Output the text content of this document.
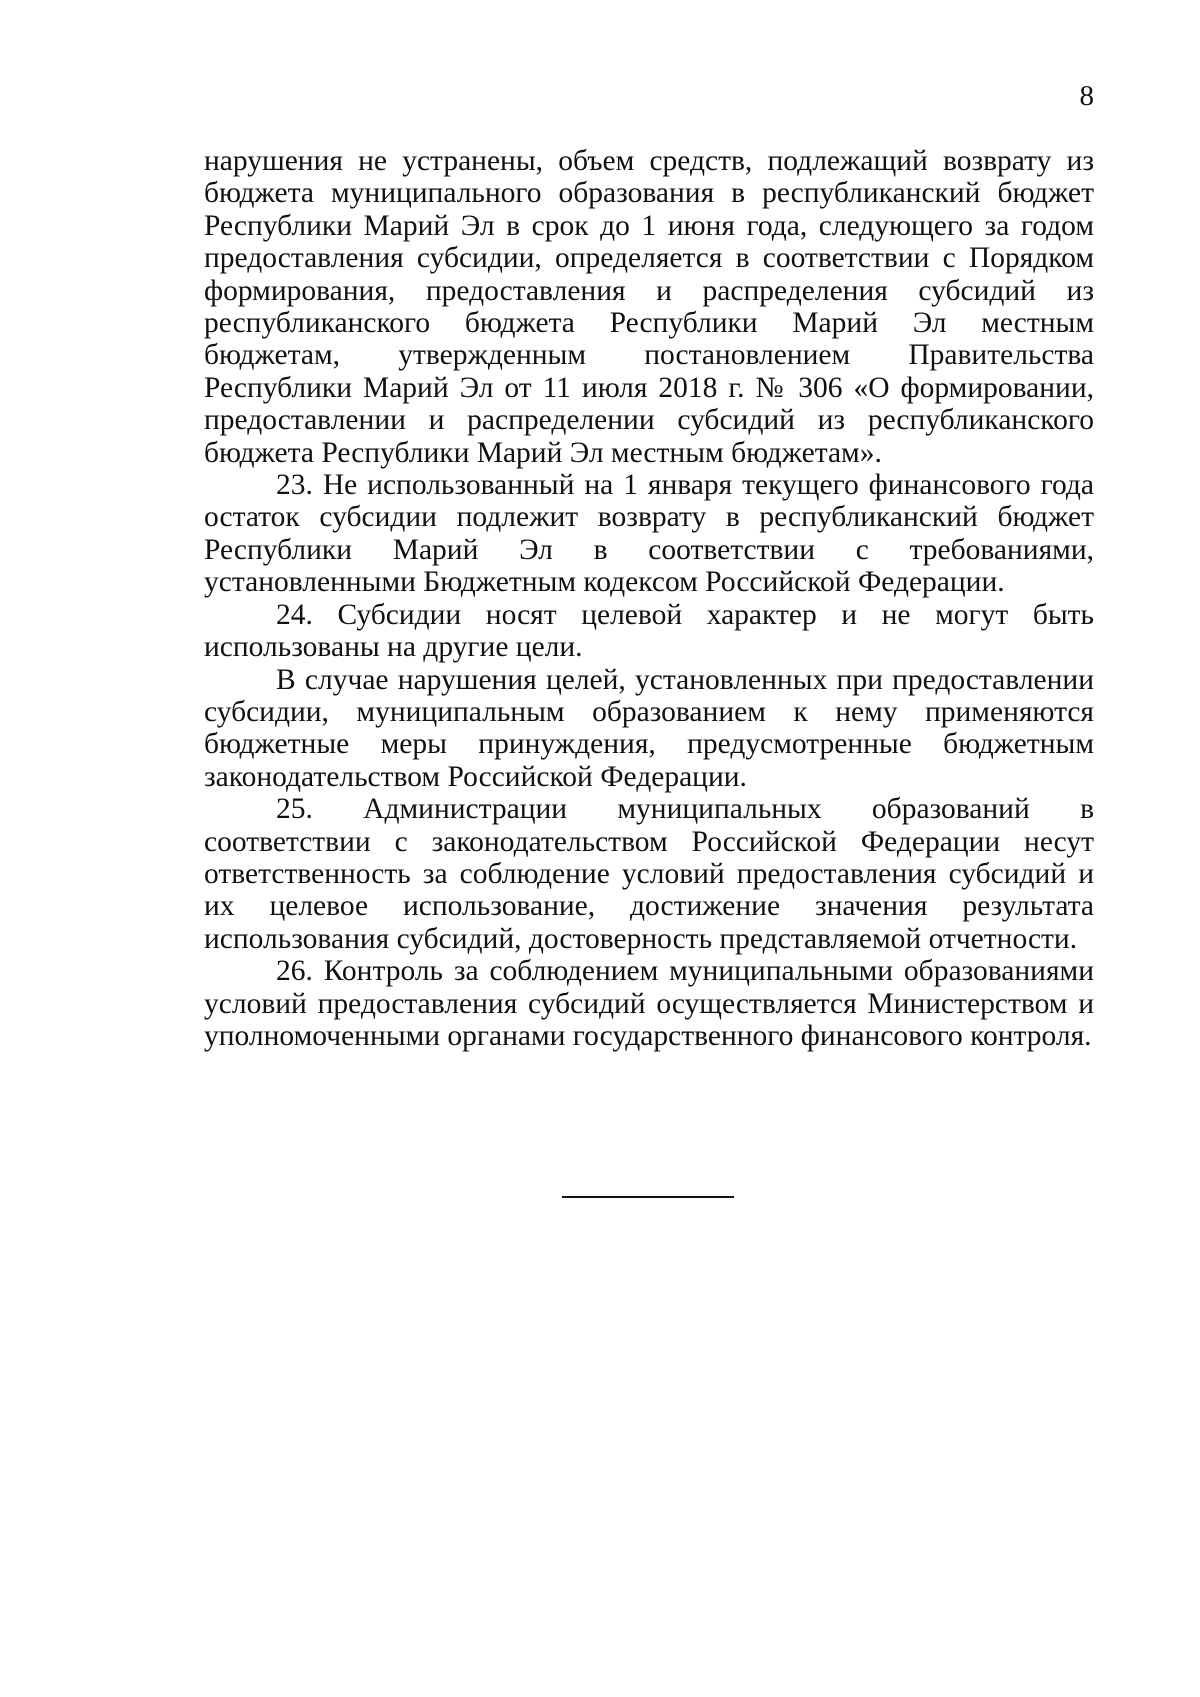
8

нарушения не устранены, объем средств, подлежащий возврату из бюджета муниципального образования в республиканский бюджет Республики Марий Эл в срок до 1 июня года, следующего за годом предоставления субсидии, определяется в соответствии с Порядком формирования, предоставления и распределения субсидий из республиканского бюджета Республики Марий Эл местным бюджетам, утвержденным постановлением Правительства Республики Марий Эл от 11 июля 2018 г. № 306 «О формировании, предоставлении и распределении субсидий из республиканского бюджета Республики Марий Эл местным бюджетам».

23. Не использованный на 1 января текущего финансового года остаток субсидии подлежит возврату в республиканский бюджет Республики Марий Эл в соответствии с требованиями, установленными Бюджетным кодексом Российской Федерации.

24. Субсидии носят целевой характер и не могут быть использованы на другие цели.

В случае нарушения целей, установленных при предоставлении субсидии, муниципальным образованием к нему применяются бюджетные меры принуждения, предусмотренные бюджетным законодательством Российской Федерации.

25. Администрации муниципальных образований в соответствии с законодательством Российской Федерации несут ответственность за соблюдение условий предоставления субсидий и их целевое использование, достижение значения результата использования субсидий, достоверность представляемой отчетности.

26. Контроль за соблюдением муниципальными образованиями условий предоставления субсидий осуществляется Министерством и уполномоченными органами государственного финансового контроля.
